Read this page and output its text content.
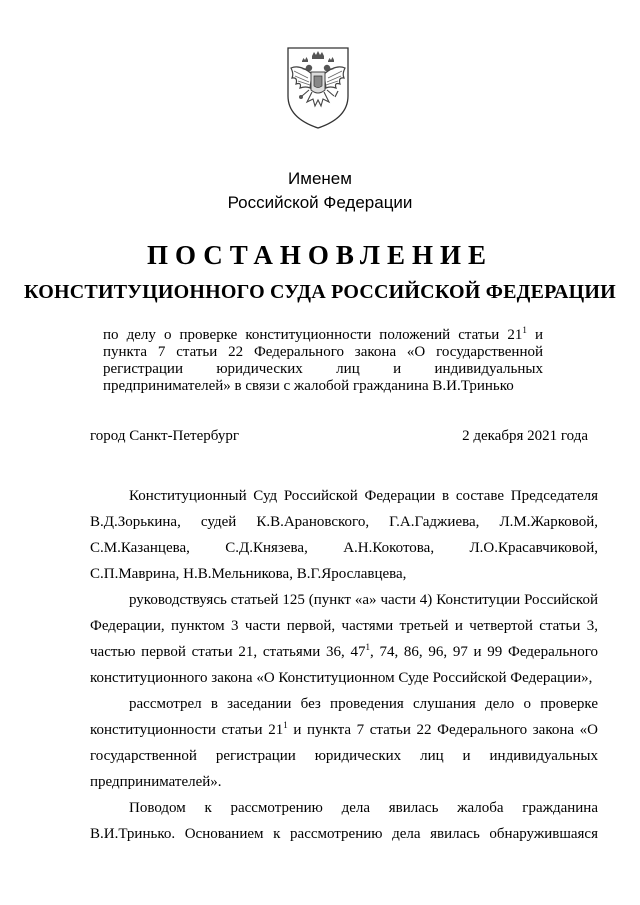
Именем
Российской Федерации
ПОСТАНОВЛЕНИЕ
КОНСТИТУЦИОННОГО СУДА РОССИЙСКОЙ ФЕДЕРАЦИИ
по делу о проверке конституционности положений статьи $21^1$ и
пункта 7 статьи 22 Федерального закона «О государственной
регистрации юридических лиц и индивидуальных
предпринимателей» в связи с жалобой гражданина В.И.Тринько
город Санкт-Петербург	2 декабря 2021 года
Конституционный Суд Российской Федерации в составе Председателя
В.Д.Зорькина, судей К.В.Арановского, Г.А.Гаджиева, Л.М.Жарковой,
С.М.Казанцева, С.Д.Князева, А.Н.Кокотова, Л.О.Красавчиковой,
С.П.Маврина, Н.В.Мельникова, В.Г.Ярославцева,
руководствуясь статьей 125 (пункт «а» части 4) Конституции Российской
Федерации, пунктом 3 части первой, частями третьей и четвертой статьи 3,
частью первой статьи 21, статьями 36, $47^1$, 74, 86, 96, 97 и 99 Федерального
конституционного закона «О Конституционном Суде Российской Федерации»,
рассмотрел в заседании без проведения слушания дело о проверке
конституционности статьи $21^1$ и пункта 7 статьи 22 Федерального закона «О
государственной регистрации юридических лиц и индивидуальных
предпринимателей».
Поводом к рассмотрению дела явилась жалоба гражданина
В.И.Тринько. Основанием к рассмотрению дела явилась обнаружившаяся
